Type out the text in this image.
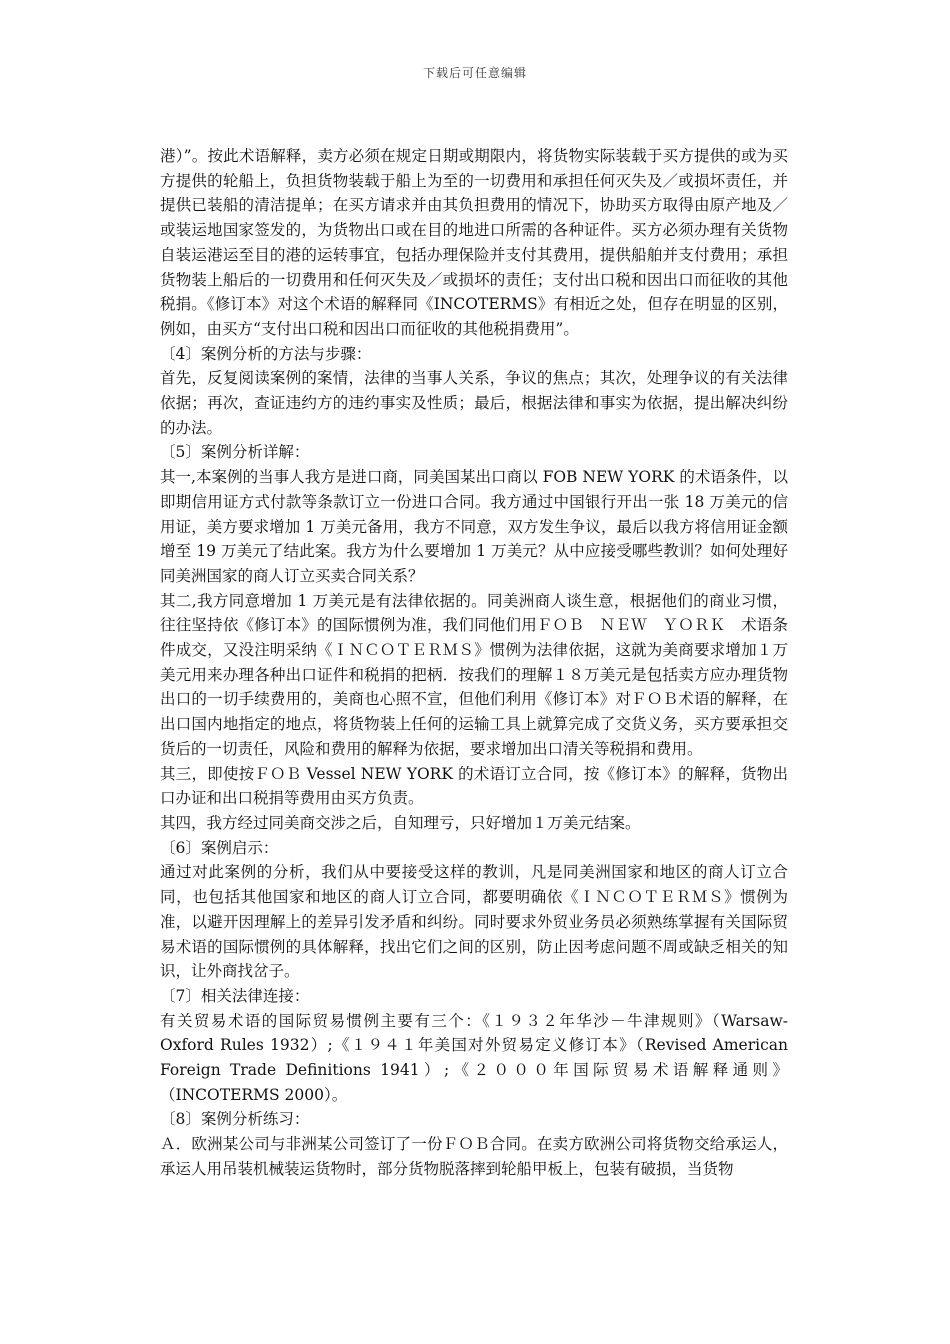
下载后可任意编辑

港）”。按此术语解释，卖方必须在规定日期或期限内，将货物实际装载于买方提供的或为买方提供的轮船上，负担货物装载于船上为至的一切费用和承担任何灭失及／或损坏责任，并提供已装船的清洁提单；在买方请求并由其负担费用的情况下，协助买方取得由原产地及／或装运地国家签发的，为货物出口或在目的地进口所需的各种证件。买方必须办理有关货物自装运港运至目的港的运转事宜，包括办理保险并支付其费用，提供船舶并支付费用；承担货物装上船后的一切费用和任何灭失及／或损坏的责任；支付出口税和因出口而征收的其他税捐。《修订本》对这个术语的解释同《INCOTERMS》有相近之处，但存在明显的区别，例如，由买方“支付出口税和因出口而征收的其他税捐费用”。

〔4〕案例分析的方法与步骤：

首先，反复阅读案例的案情，法律的当事人关系，争议的焦点；其次，处理争议的有关法律依据；再次，查证违约方的违约事实及性质；最后，根据法律和事实为依据，提出解决纠纷的办法。

〔5〕案例分析详解：

其一,本案例的当事人我方是进口商，同美国某出口商以 FOB NEW YORK 的术语条件，以即期信用证方式付款等条款订立一份进口合同。我方通过中国银行开出一张 18 万美元的信用证，美方要求增加 1 万美元备用，我方不同意，双方发生争议，最后以我方将信用证金额增至 19 万美元了结此案。我方为什么要增加 1 万美元？从中应接受哪些教训？如何处理好同美洲国家的商人订立买卖合同关系？

其二,我方同意增加 1 万美元是有法律依据的。同美洲商人谈生意，根据他们的商业习惯，往往坚持依《修订本》的国际惯例为准，我们同他们用ＦＯＢ　ＮＥＷ　ＹＯＲＫ　术语条件成交，又没注明采纳《ＩＮＣＯＴＥＲＭＳ》惯例为法律依据，这就为美商要求增加１万美元用来办理各种出口证件和税捐的把柄．按我们的理解１８万美元是包括卖方应办理货物出口的一切手续费用的，美商也心照不宣，但他们利用《修订本》对ＦＯＢ术语的解释，在出口国内地指定的地点，将货物装上任何的运输工具上就算完成了交货义务，买方要承担交货后的一切责任，风险和费用的解释为依据，要求增加出口清关等税捐和费用。

其三，即使按ＦＯＢ Vessel NEW YORK 的术语订立合同，按《修订本》的解释，货物出口办证和出口税捐等费用由买方负责。

其四，我方经过同美商交涉之后，自知理亏，只好增加１万美元结案。

〔6〕案例启示：

通过对此案例的分析，我们从中要接受这样的教训，凡是同美洲国家和地区的商人订立合同，也包括其他国家和地区的商人订立合同，都要明确依《ＩＮＣＯＴＥＲＭＳ》惯例为准，以避开因理解上的差异引发矛盾和纠纷。同时要求外贸业务员必须熟练掌握有关国际贸易术语的国际惯例的具体解释，找出它们之间的区别，防止因考虑问题不周或缺乏相关的知识，让外商找岔子。

〔7〕相关法律连接：

有关贸易术语的国际贸易惯例主要有三个：《１９３２年华沙－牛津规则》（Warsaw-Oxford Rules 1932）;《１９４１年美国对外贸易定义修订本》（Revised American Foreign Trade Definitions 1941）;《２０００年国际贸易术语解释通则》（INCOTERMS 2000）。

〔8〕案例分析练习：

Ａ．欧洲某公司与非洲某公司签订了一份ＦＯＢ合同。在卖方欧洲公司将货物交给承运人，承运人用吊装机械装运货物时，部分货物脱落摔到轮船甲板上，包装有破损，当货物
